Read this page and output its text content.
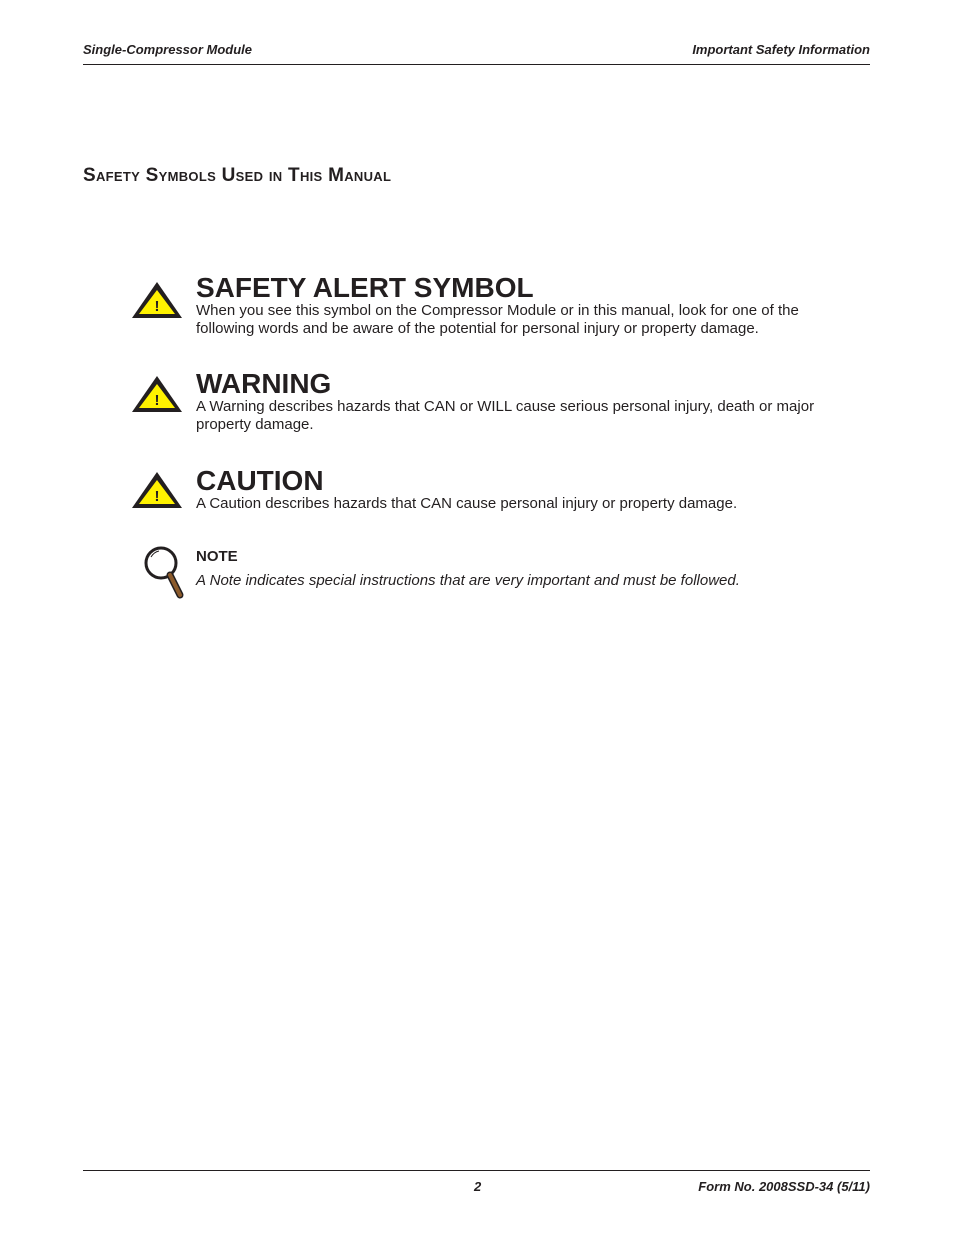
Single-Compressor Module	Important Safety Information
Safety Symbols Used in This Manual
!

SAFETY ALERT SYMBOL

When you see this symbol on the Compressor Module or in this manual, look for one of the following words and be aware of the potential for personal injury or property damage.

!

WARNING

A Warning describes hazards that CAN or WILL cause serious personal injury, death or major property damage.

!

CAUTION

A Caution describes hazards that CAN cause personal injury or property damage.

NOTE

A Note indicates special instructions that are very important and must be followed.

2	Form No. 2008SSD-34 (5/11)
